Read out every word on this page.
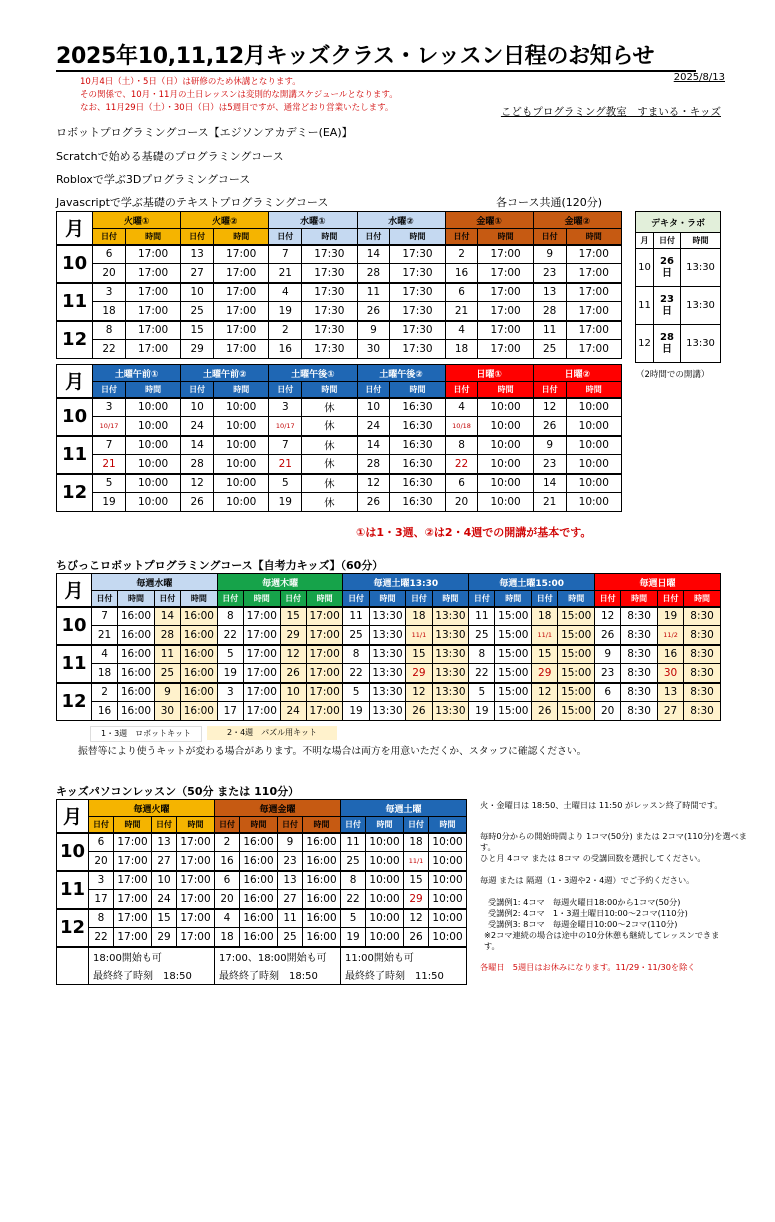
2025年10,11,12月キッズクラス・レッスン日程のお知らせ
2025/8/13
10月4日（土）・5日（日）は研修のため休講となります。
その関係で、10月・11月の土日レッスンは変則的な開講スケジュールとなります。
なお、11月29日（土）・30日（日）は5週目ですが、通常どおり営業いたします。	こどもプログラミング教室　すまいる・キッズ
ロボットプログラミングコース【エジソンアカデミー(EA)】
Scratchで始める基礎のプログラミングコース
Robloxで学ぶ3Dプログラミングコース
Javascriptで学ぶ基礎のテキストプログラミングコース	各コース共通(120分)
月	火曜①		火曜②		水曜①		水曜②		金曜①		金曜②	
	日付	時間	日付	時間	日付	時間	日付	時間	日付	時間	日付	時間
10	6	17:00	13	17:00	7	17:30	14	17:30	2	17:00	9	17:00
	20	17:00	27	17:00	21	17:30	28	17:30	16	17:00	23	17:00
11	3	17:00	10	17:00	4	17:30	11	17:30	6	17:00	13	17:00
	18	17:00	25	17:00	19	17:30	26	17:30	21	17:00	28	17:00
12	8	17:00	15	17:00	2	17:30	9	17:30	4	17:00	11	17:00
	22	17:00	29	17:00	16	17:30	30	17:30	18	17:00	25	17:00
月	土曜午前①		土曜午前②		土曜午後①		土曜午後②		日曜①		日曜②	
	日付	時間	日付	時間	日付	時間	日付	時間	日付	時間	日付	時間
10	3	10:00	10	10:00	3	休	10	16:30	4	10:00	12	10:00
	10/17	10:00	24	10:00	10/17	休	24	16:30	10/18	10:00	26	10:00
11	7	10:00	14	10:00	7	休	14	16:30	8	10:00	9	10:00
	21	10:00	28	10:00	21	休	28	16:30	22	10:00	23	10:00
12	5	10:00	12	10:00	5	休	12	16:30	6	10:00	14	10:00
	19	10:00	26	10:00	19	休	26	16:30	20	10:00	21	10:00
①は1・3週、②は2・4週での開講が基本です。
デキタ・ラボ		
月	日付	時間
10	26日	13:30
11	23日	13:30
12	28日	13:30
（2時間での開講）
ちびっこロボットプログラミングコース【自考力キッズ】（60分）
月	毎週水曜				毎週木曜				毎週土曜13:30				毎週土曜15:00				毎週日曜			
	日付	時間	日付	時間	日付	時間	日付	時間	日付	時間	日付	時間	日付	時間	日付	時間	日付	時間	日付	時間
10	7	16:00	14	16:00	8	17:00	15	17:00	11	13:30	18	13:30	11	15:00	18	15:00	12	8:30	19	8:30
	21	16:00	28	16:00	22	17:00	29	17:00	25	13:30	11/1	13:30	25	15:00	11/1	15:00	26	8:30	11/2	8:30
11	4	16:00	11	16:00	5	17:00	12	17:00	8	13:30	15	13:30	8	15:00	15	15:00	9	8:30	16	8:30
	18	16:00	25	16:00	19	17:00	26	17:00	22	13:30	29	13:30	22	15:00	29	15:00	23	8:30	30	8:30
12	2	16:00	9	16:00	3	17:00	10	17:00	5	13:30	12	13:30	5	15:00	12	15:00	6	8:30	13	8:30
	16	16:00	30	16:00	17	17:00	24	17:00	19	13:30	26	13:30	19	15:00	26	15:00	20	8:30	27	8:30
1・3週　ロボットキット	2・4週　パズル用キット
振替等により使うキットが変わる場合があります。不明な場合は両方を用意いただくか、スタッフに確認ください。
キッズパソコンレッスン（50分 または 110分）
月	毎週火曜				毎週金曜				毎週土曜			
	日付	時間	日付	時間	日付	時間	日付	時間	日付	時間	日付	時間
10	6	17:00	13	17:00	2	16:00	9	16:00	11	10:00	18	10:00
	20	17:00	27	17:00	16	16:00	23	16:00	25	10:00	11/1	10:00
11	3	17:00	10	17:00	6	16:00	13	16:00	8	10:00	15	10:00
	17	17:00	24	17:00	20	16:00	27	16:00	22	10:00	29	10:00
12	8	17:00	15	17:00	4	16:00	11	16:00	5	10:00	12	10:00
	22	17:00	29	17:00	18	16:00	25	16:00	19	10:00	26	10:00
	18:00開始も可				17:00、18:00開始も可				11:00開始も可			
	最終終了時刻　18:50				最終終了時刻　18:50				最終終了時刻　11:50			
火・金曜日は 18:50、土曜日は 11:50 がレッスン終了時間です。
毎時0分からの開始時間より 1コマ(50分) または 2コマ(110分)を選べます。
ひと月 4コマ または 8コマ の受講回数を選択してください。
毎週 または 隔週（1・3週や2・4週）でご予約ください。
受講例1: 4コマ　毎週火曜日18:00から1コマ(50分)
受講例2: 4コマ　1・3週土曜日10:00～2コマ(110分)
受講例3: 8コマ　毎週金曜日10:00～2コマ(110分)
※2コマ連続の場合は途中の10分休憩も継続してレッスンできます。
各曜日　5週目はお休みになります。11/29・11/30を除く
